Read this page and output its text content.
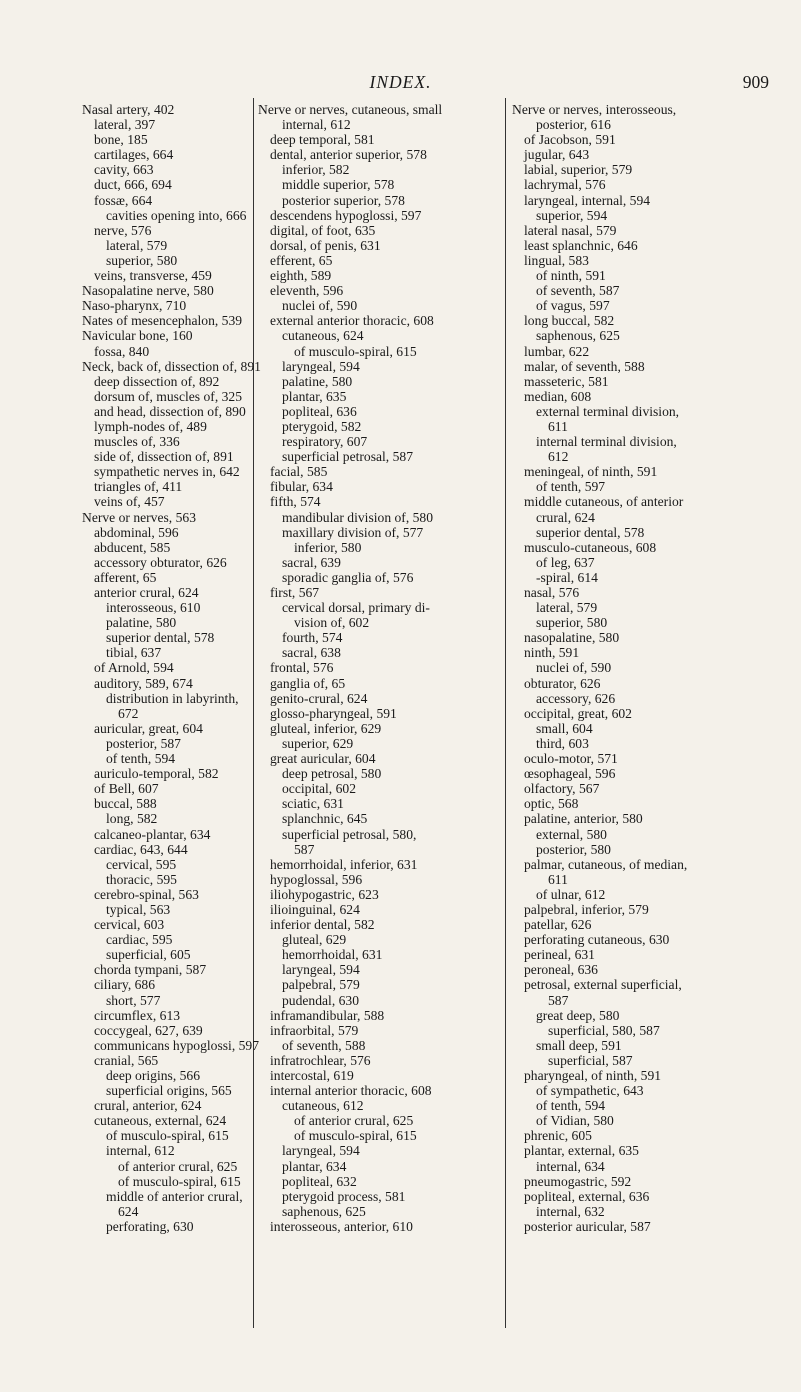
INDEX.	909
Nasal artery, 402
lateral, 397
bone, 185
cartilages, 664
cavity, 663
duct, 666, 694
fossæ, 664
cavities opening into, 666
nerve, 576
lateral, 579
superior, 580
veins, transverse, 459
Nasopalatine nerve, 580
Naso-pharynx, 710
Nates of mesencephalon, 539
Navicular bone, 160
fossa, 840
Neck, back of, dissection of, 891
deep dissection of, 892
dorsum of, muscles of, 325
and head, dissection of, 890
lymph-nodes of, 489
muscles of, 336
side of, dissection of, 891
sympathetic nerves in, 642
triangles of, 411
veins of, 457
Nerve or nerves, 563
abdominal, 596
abducent, 585
accessory obturator, 626
afferent, 65
anterior crural, 624
interosseous, 610
palatine, 580
superior dental, 578
tibial, 637
of Arnold, 594
auditory, 589, 674
distribution in labyrinth,
672
auricular, great, 604
posterior, 587
of tenth, 594
auriculo-temporal, 582
of Bell, 607
buccal, 588
long, 582
calcaneo-plantar, 634
cardiac, 643, 644
cervical, 595
thoracic, 595
cerebro-spinal, 563
typical, 563
cervical, 603
cardiac, 595
superficial, 605
chorda tympani, 587
ciliary, 686
short, 577
circumflex, 613
coccygeal, 627, 639
communicans hypoglossi, 597
cranial, 565
deep origins, 566
superficial origins, 565
crural, anterior, 624
cutaneous, external, 624
of musculo-spiral, 615
internal, 612
of anterior crural, 625
of musculo-spiral, 615
middle of anterior crural,
624
perforating, 630
Nerve or nerves, cutaneous, small
internal, 612
deep temporal, 581
dental, anterior superior, 578
inferior, 582
middle superior, 578
posterior superior, 578
descendens hypoglossi, 597
digital, of foot, 635
dorsal, of penis, 631
efferent, 65
eighth, 589
eleventh, 596
nuclei of, 590
external anterior thoracic, 608
cutaneous, 624
of musculo-spiral, 615
laryngeal, 594
palatine, 580
plantar, 635
popliteal, 636
pterygoid, 582
respiratory, 607
superficial petrosal, 587
facial, 585
fibular, 634
fifth, 574
mandibular division of, 580
maxillary division of, 577
inferior, 580
sacral, 639
sporadic ganglia of, 576
first, 567
cervical dorsal, primary di-
vision of, 602
fourth, 574
sacral, 638
frontal, 576
ganglia of, 65
genito-crural, 624
glosso-pharyngeal, 591
gluteal, inferior, 629
superior, 629
great auricular, 604
deep petrosal, 580
occipital, 602
sciatic, 631
splanchnic, 645
superficial petrosal, 580,
587
hemorrhoidal, inferior, 631
hypoglossal, 596
iliohypogastric, 623
ilioinguinal, 624
inferior dental, 582
gluteal, 629
hemorrhoidal, 631
laryngeal, 594
palpebral, 579
pudendal, 630
inframandibular, 588
infraorbital, 579
of seventh, 588
infratrochlear, 576
intercostal, 619
internal anterior thoracic, 608
cutaneous, 612
of anterior crural, 625
of musculo-spiral, 615
laryngeal, 594
plantar, 634
popliteal, 632
pterygoid process, 581
saphenous, 625
interosseous, anterior, 610
Nerve or nerves, interosseous,
posterior, 616
of Jacobson, 591
jugular, 643
labial, superior, 579
lachrymal, 576
laryngeal, internal, 594
superior, 594
lateral nasal, 579
least splanchnic, 646
lingual, 583
of ninth, 591
of seventh, 587
of vagus, 597
long buccal, 582
saphenous, 625
lumbar, 622
malar, of seventh, 588
masseteric, 581
median, 608
external terminal division,
611
internal terminal division,
612
meningeal, of ninth, 591
of tenth, 597
middle cutaneous, of anterior
crural, 624
superior dental, 578
musculo-cutaneous, 608
of leg, 637
-spiral, 614
nasal, 576
lateral, 579
superior, 580
nasopalatine, 580
ninth, 591
nuclei of, 590
obturator, 626
accessory, 626
occipital, great, 602
small, 604
third, 603
oculo-motor, 571
œsophageal, 596
olfactory, 567
optic, 568
palatine, anterior, 580
external, 580
posterior, 580
palmar, cutaneous, of median,
611
of ulnar, 612
palpebral, inferior, 579
patellar, 626
perforating cutaneous, 630
perineal, 631
peroneal, 636
petrosal, external superficial,
587
great deep, 580
superficial, 580, 587
small deep, 591
superficial, 587
pharyngeal, of ninth, 591
of sympathetic, 643
of tenth, 594
of Vidian, 580
phrenic, 605
plantar, external, 635
internal, 634
pneumogastric, 592
popliteal, external, 636
internal, 632
posterior auricular, 587
